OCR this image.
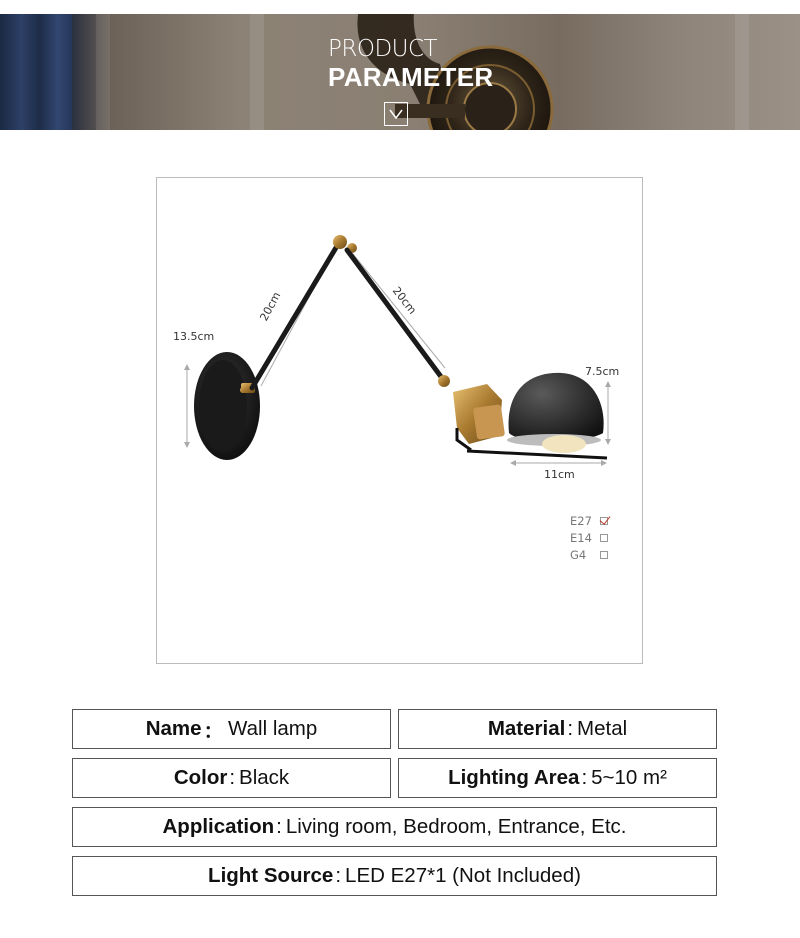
PRODUCT
PARAMETER
20cm	20cm
13.5cm
7.5cm
11cm
E27
E14
G4
Name ： Wall lamp	Material : Metal
Color : Black	Lighting Area : 5~10 m²
Application : Living room, Bedroom, Entrance, Etc.
Light Source : LED E27*1 (Not Included)
